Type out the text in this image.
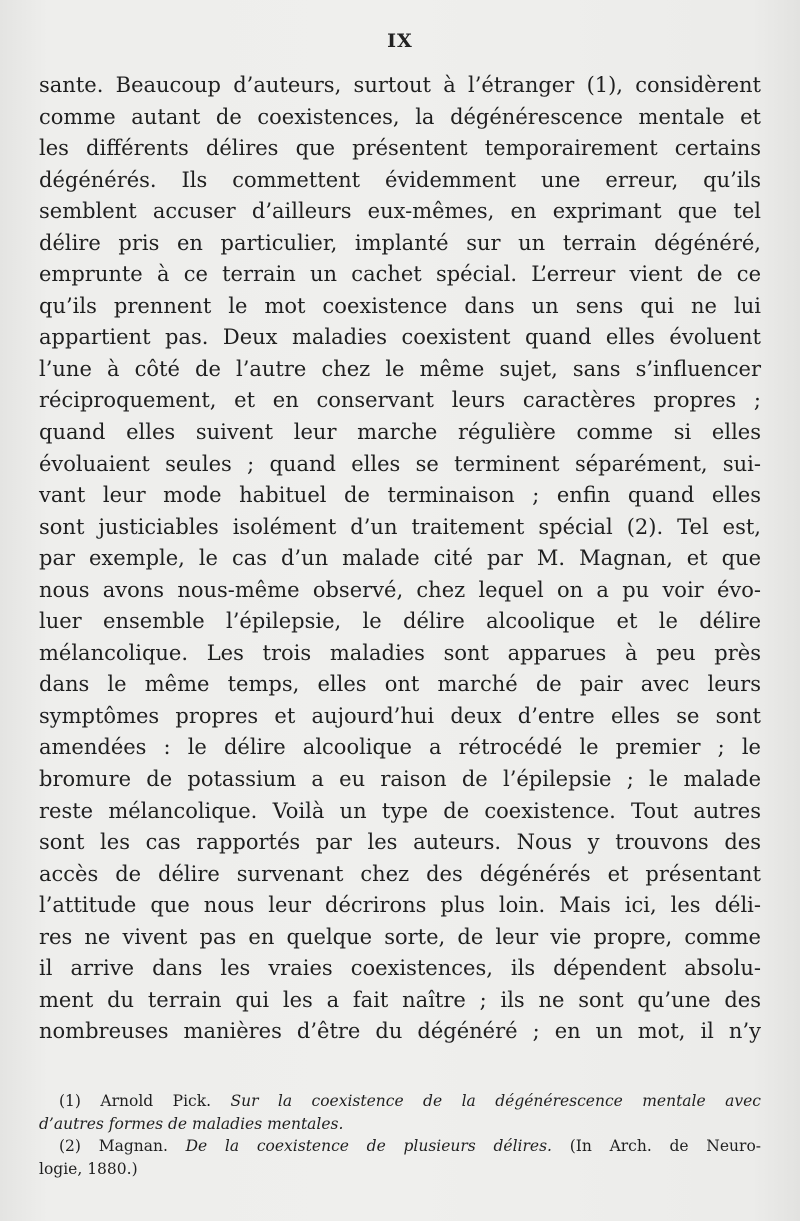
IX
sante. Beaucoup d’auteurs, surtout à l’étranger (1), considèrent
comme autant de coexistences, la dégénérescence mentale et
les différents délires que présentent temporairement certains
dégénérés. Ils commettent évidemment une erreur, qu’ils
semblent accuser d’ailleurs eux-mêmes, en exprimant que tel
délire pris en particulier, implanté sur un terrain dégénéré,
emprunte à ce terrain un cachet spécial. L’erreur vient de ce
qu’ils prennent le mot coexistence dans un sens qui ne lui
appartient pas. Deux maladies coexistent quand elles évoluent
l’une à côté de l’autre chez le même sujet, sans s’influencer
réciproquement, et en conservant leurs caractères propres ;
quand elles suivent leur marche régulière comme si elles
évoluaient seules ; quand elles se terminent séparément, sui-
vant leur mode habituel de terminaison ; enfin quand elles
sont justiciables isolément d’un traitement spécial (2). Tel est,
par exemple, le cas d’un malade cité par M. Magnan, et que
nous avons nous-même observé, chez lequel on a pu voir évo-
luer ensemble l’épilepsie, le délire alcoolique et le délire
mélancolique. Les trois maladies sont apparues à peu près
dans le même temps, elles ont marché de pair avec leurs
symptômes propres et aujourd’hui deux d’entre elles se sont
amendées : le délire alcoolique a rétrocédé le premier ; le
bromure de potassium a eu raison de l’épilepsie ; le malade
reste mélancolique. Voilà un type de coexistence. Tout autres
sont les cas rapportés par les auteurs. Nous y trouvons des
accès de délire survenant chez des dégénérés et présentant
l’attitude que nous leur décrirons plus loin. Mais ici, les déli-
res ne vivent pas en quelque sorte, de leur vie propre, comme
il arrive dans les vraies coexistences, ils dépendent absolu-
ment du terrain qui les a fait naître ; ils ne sont qu’une des
nombreuses manières d’être du dégénéré ; en un mot, il n’y
(1) Arnold Pick. Sur la coexistence de la dégénérescence mentale avec
d’autres formes de maladies mentales.
(2) Magnan. De la coexistence de plusieurs délires. (In Arch. de Neuro-
logie, 1880.)
